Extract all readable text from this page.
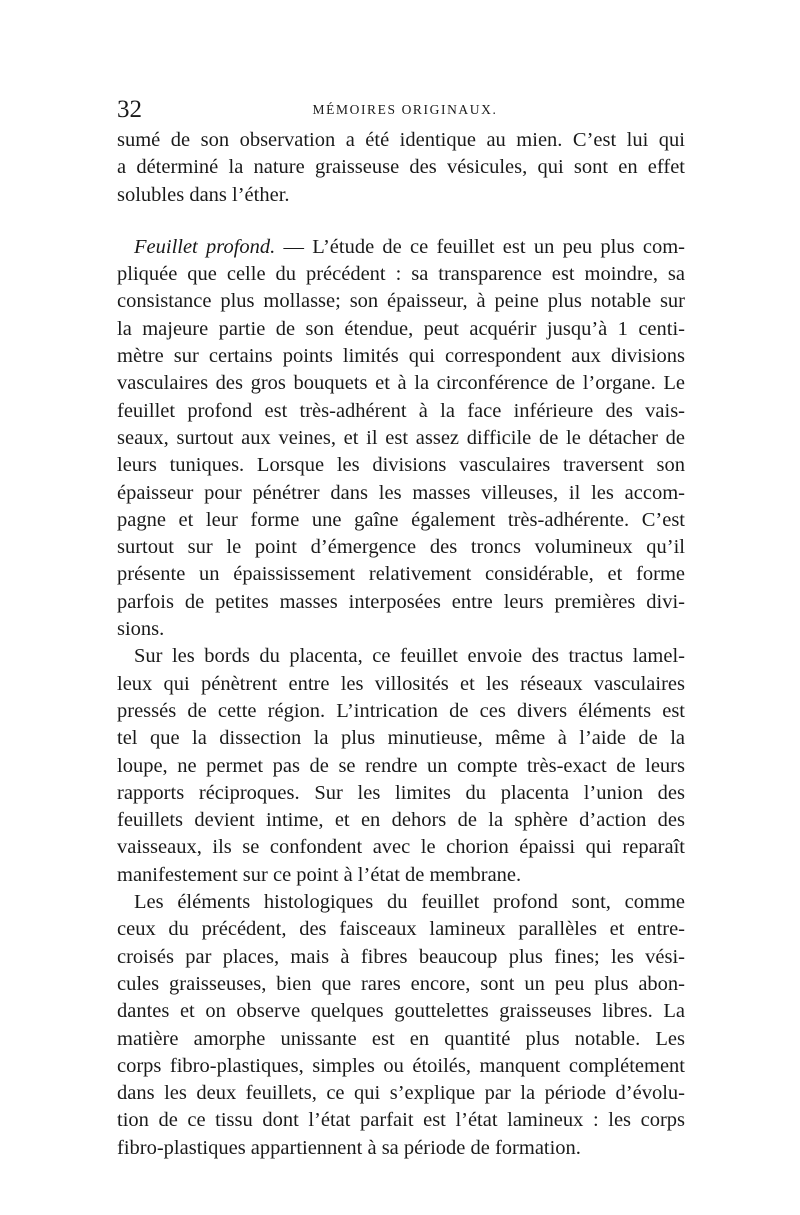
32	MÉMOIRES ORIGINAUX.
sumé de son observation a été identique au mien. C’est lui qui
a déterminé la nature graisseuse des vésicules, qui sont en effet
solubles dans l’éther.
Feuillet profond. — L’étude de ce feuillet est un peu plus com-
pliquée que celle du précédent : sa transparence est moindre, sa
consistance plus mollasse; son épaisseur, à peine plus notable sur
la majeure partie de son étendue, peut acquérir jusqu’à 1 centi-
mètre sur certains points limités qui correspondent aux divisions
vasculaires des gros bouquets et à la circonférence de l’organe. Le
feuillet profond est très-adhérent à la face inférieure des vais-
seaux, surtout aux veines, et il est assez difficile de le détacher de
leurs tuniques. Lorsque les divisions vasculaires traversent son
épaisseur pour pénétrer dans les masses villeuses, il les accom-
pagne et leur forme une gaîne également très-adhérente. C’est
surtout sur le point d’émergence des troncs volumineux qu’il
présente un épaississement relativement considérable, et forme
parfois de petites masses interposées entre leurs premières divi-
sions.
Sur les bords du placenta, ce feuillet envoie des tractus lamel-
leux qui pénètrent entre les villosités et les réseaux vasculaires
pressés de cette région. L’intrication de ces divers éléments est
tel que la dissection la plus minutieuse, même à l’aide de la
loupe, ne permet pas de se rendre un compte très-exact de leurs
rapports réciproques. Sur les limites du placenta l’union des
feuillets devient intime, et en dehors de la sphère d’action des
vaisseaux, ils se confondent avec le chorion épaissi qui reparaît
manifestement sur ce point à l’état de membrane.
Les éléments histologiques du feuillet profond sont, comme
ceux du précédent, des faisceaux lamineux parallèles et entre-
croisés par places, mais à fibres beaucoup plus fines; les vési-
cules graisseuses, bien que rares encore, sont un peu plus abon-
dantes et on observe quelques gouttelettes graisseuses libres. La
matière amorphe unissante est en quantité plus notable. Les
corps fibro-plastiques, simples ou étoilés, manquent complétement
dans les deux feuillets, ce qui s’explique par la période d’évolu-
tion de ce tissu dont l’état parfait est l’état lamineux : les corps
fibro-plastiques appartiennent à sa période de formation.
